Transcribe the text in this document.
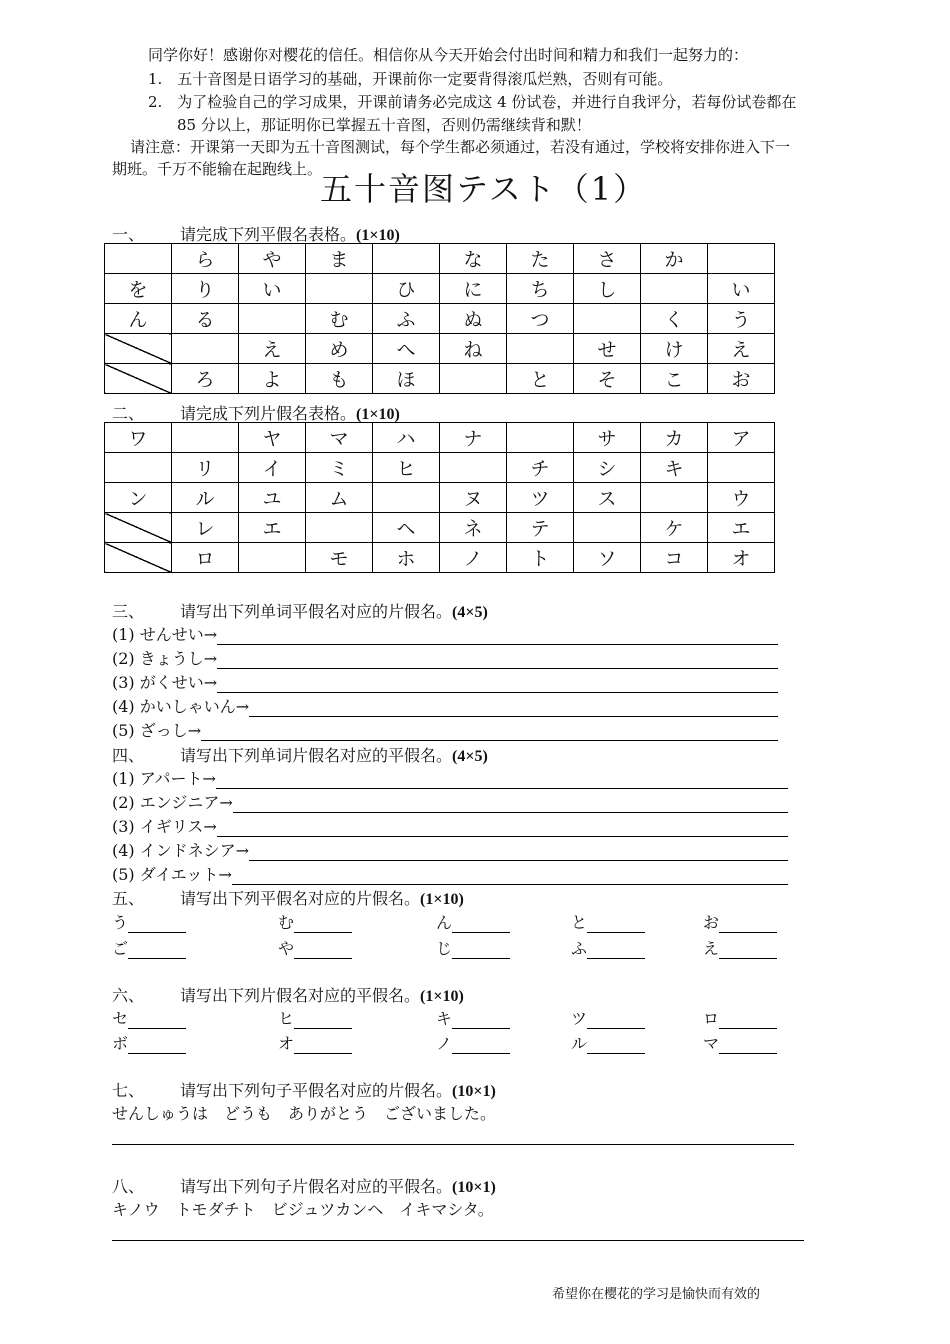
同学你好！感谢你对樱花的信任。相信你从今天开始会付出时间和精力和我们一起努力的：
1.　五十音图是日语学习的基础，开课前你一定要背得滚瓜烂熟，否则有可能。
2.　为了检验自己的学习成果，开课前请务必完成这 4 份试卷，并进行自我评分，若每份试卷都在
85 分以上，那证明你已掌握五十音图，否则仍需继续背和默！
请注意：开课第一天即为五十音图测试，每个学生都必须通过，若没有通过，学校将安排你进入下一
期班。千万不能输在起跑线上。
五十音图テスト（1）
一、 请完成下列平假名表格。(1×10)
	ら	や	ま		な	た	さ	か	
を	り	い		ひ	に	ち	し		い
ん	る		む	ふ	ぬ	つ		く	う
		え	め	へ	ね		せ	け	え
	ろ	よ	も	ほ		と	そ	こ	お
二、 请完成下列片假名表格。(1×10)
ワ		ヤ	マ	ハ	ナ		サ	カ	ア
	リ	イ	ミ	ヒ		チ	シ	キ	
ン	ル	ユ	ム		ヌ	ツ	ス		ウ
	レ	エ		ヘ	ネ	テ		ケ	エ
	ロ		モ	ホ	ノ	ト	ソ	コ	オ
三、 请写出下列单词平假名对应的片假名。(4×5)
(1) せんせい→
(2) きょうし→
(3) がくせい→
(4) かいしゃいん→
(5) ざっし→
四、 请写出下列单词片假名对应的平假名。(4×5)
(1) アパート→
(2) エンジニア→
(3) イギリス→
(4) インドネシア→
(5) ダイエット→
五、 请写出下列平假名对应的片假名。(1×10)
う	む	ん	と	お
ご	や	じ	ふ	え
六、 请写出下列片假名对应的平假名。(1×10)
セ	ヒ	キ	ツ	ロ
ボ	オ	ノ	ル	マ
七、 请写出下列句子平假名对应的片假名。(10×1)
せんしゅうは　どうも　ありがとう　ございました。
八、 请写出下列句子片假名对应的平假名。(10×1)
キノウ　トモダチト　ビジュツカンヘ　イキマシタ。
希望你在樱花的学习是愉快而有效的
